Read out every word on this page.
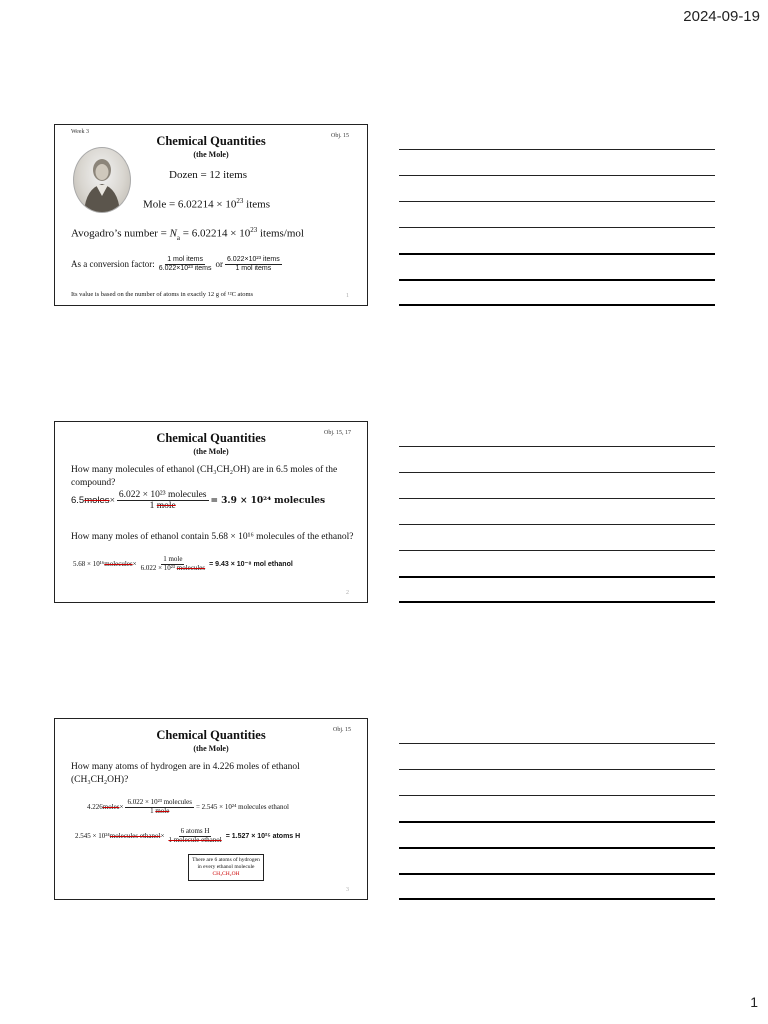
2024-09-19
Week 3
Obj. 15
Chemical Quantities
(the Mole)
Dozen = 12 items
Mole = $6.02214 \times 10^{23}$ items
Avogadro’s number = $N_a = 6.02214 \times 10^{23}$ items/mol
As a conversion factor: $\frac{\text{1 mol items}}{\text{6.022×10²³ items}}$ or $\frac{\text{6.022×10²³ items}}{\text{1 mol items}}$
Its value is based on the number of atoms in exactly 12 g of ¹²C atoms	1
Obj. 15, 17
Chemical Quantities
(the Mole)
How many molecules of ethanol (CH₃CH₂OH) are in 6.5 moles of the compound?
6.5 moles × $\frac{\text{6.022 × 10²³ molecules}}{\text{1 mole}} = 3.9 \times 10^{24}$ molecules
How many moles of ethanol contain 5.68 × 10¹⁶ molecules of the ethanol?
5.68 × 10¹⁶ molecules × $\frac{\text{1 mole}}{\text{6.022 × 10²³ molecules}} = 9.43 \times 10^{-8}$ mol ethanol
2
Obj. 15
Chemical Quantities
(the Mole)
How many atoms of hydrogen are in 4.226 moles of ethanol (CH₃CH₂OH)?
4.226 moles × $\frac{\text{6.022 × 10²³ molecules}}{\text{1 mole}} = 2.545 \times 10^{24}$ molecules ethanol
2.545 × 10²⁴ molecules ethanol × $\frac{\text{6 atoms H}}{\text{1 molecule ethanol}} = 1.527 \times 10^{25}$ atoms H
There are 6 atoms of hydrogen in every ethanol molecule
CH₃CH₂OH
3
1
